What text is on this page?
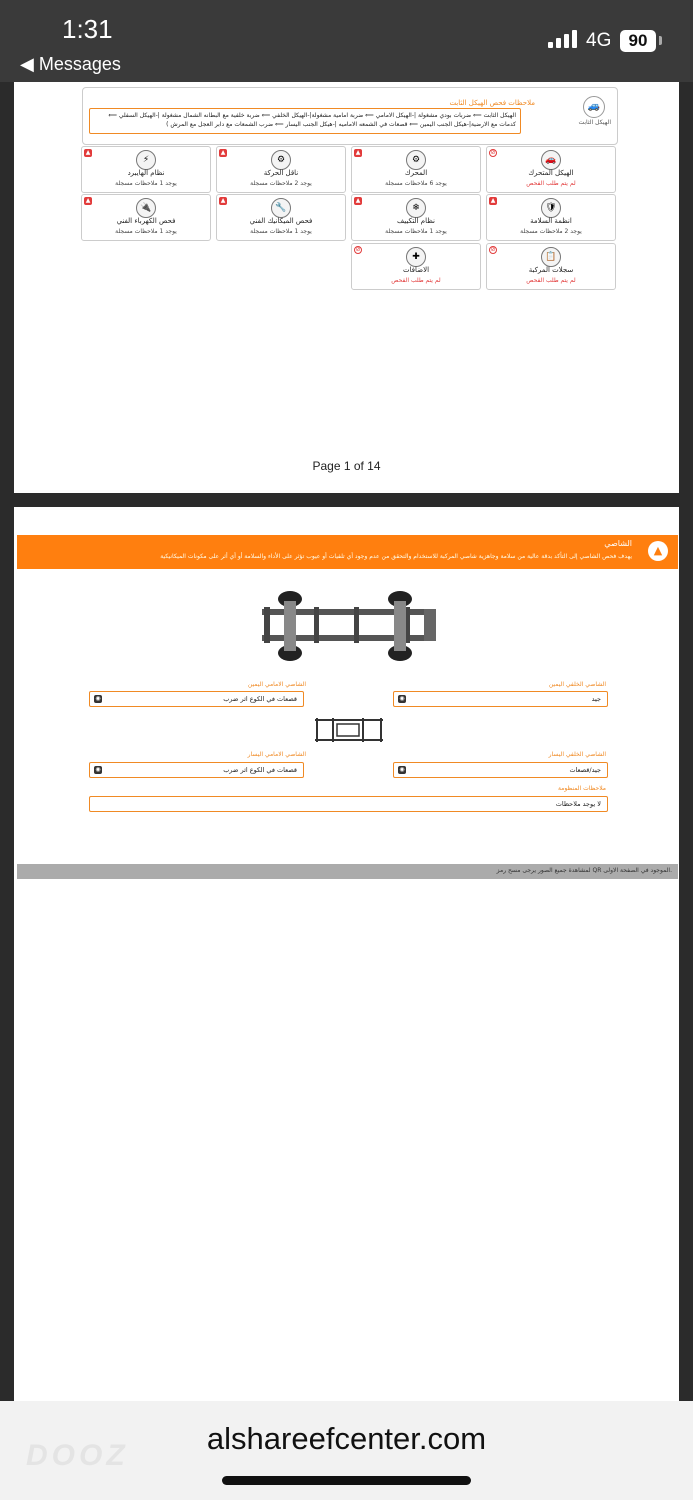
1:31
◀ Messages
4G	90
ملاحظات فحص الهيكل الثابت
الهيكل الثابت ⟸ ضربات بودي مشغولة |-الهيكل الامامي ⟸ ضربة امامية مشغولة|-الهيكل الخلفي ⟸ ضربة خلفية مع البطانه الشمال مشغولة |-الهيكل السفلي ⟸ كدمات مع الارضية|-هيكل الجنب اليمين ⟸ قصعات في الشمعه الاماميه |-هيكل الجنب اليسار ⟸ ضرب الشمعات مع دابر العجل مع المرش )
🚙
الهيكل الثابت
⊘
🚗
الهيكل المتحرك
لم يتم طلب الفحص
▲
⚙
المحرك
يوجد 6 ملاحظات مسجلة
▲
⚙
ناقل الحركة
يوجد 2 ملاحظات مسجلة
▲
⚡
نظام الهايبرد
يوجد 1 ملاحظات مسجلة
▲
🛡
انظمة السلامة
يوجد 2 ملاحظات مسجلة
▲
❄
نظام التكييف
يوجد 1 ملاحظات مسجلة
▲
🔧
فحص الميكانيك الفني
يوجد 1 ملاحظات مسجلة
▲
🔌
فحص الكهرباء الفني
يوجد 1 ملاحظات مسجلة
⊘
📋
سجلات المركبة
لم يتم طلب الفحص
⊘
✚
الاضافات
لم يتم طلب الفحص
Page 1 of 14
الشاصي
يهدف فحص الشاصي إلى التأكد بدقة عالية من سلامة وجاهزية شاصي المركبة للاستخدام والتحقق من عدم وجود أي تلفيات أو عيوب تؤثر على الأداء والسلامة أو أي أثر على مكونات الميكانيكية	▲
الشاصي الامامي اليمين
قصعات في الكوع اثر ضرب
◉
الشاصي الخلفي اليمين
جيد
◉
الشاصي الامامي اليسار
قصعات في الكوع اثر ضرب
◉
الشاصي الخلفي اليسار
جيد/قصعات
◉
ملاحظات المنظومة
لا يوجد ملاحظات
لمشاهدة جميع الصور يرجى مسح رمز QR الموجود في الصفحة الاولى.
DOOZ	alshareefcenter.com
